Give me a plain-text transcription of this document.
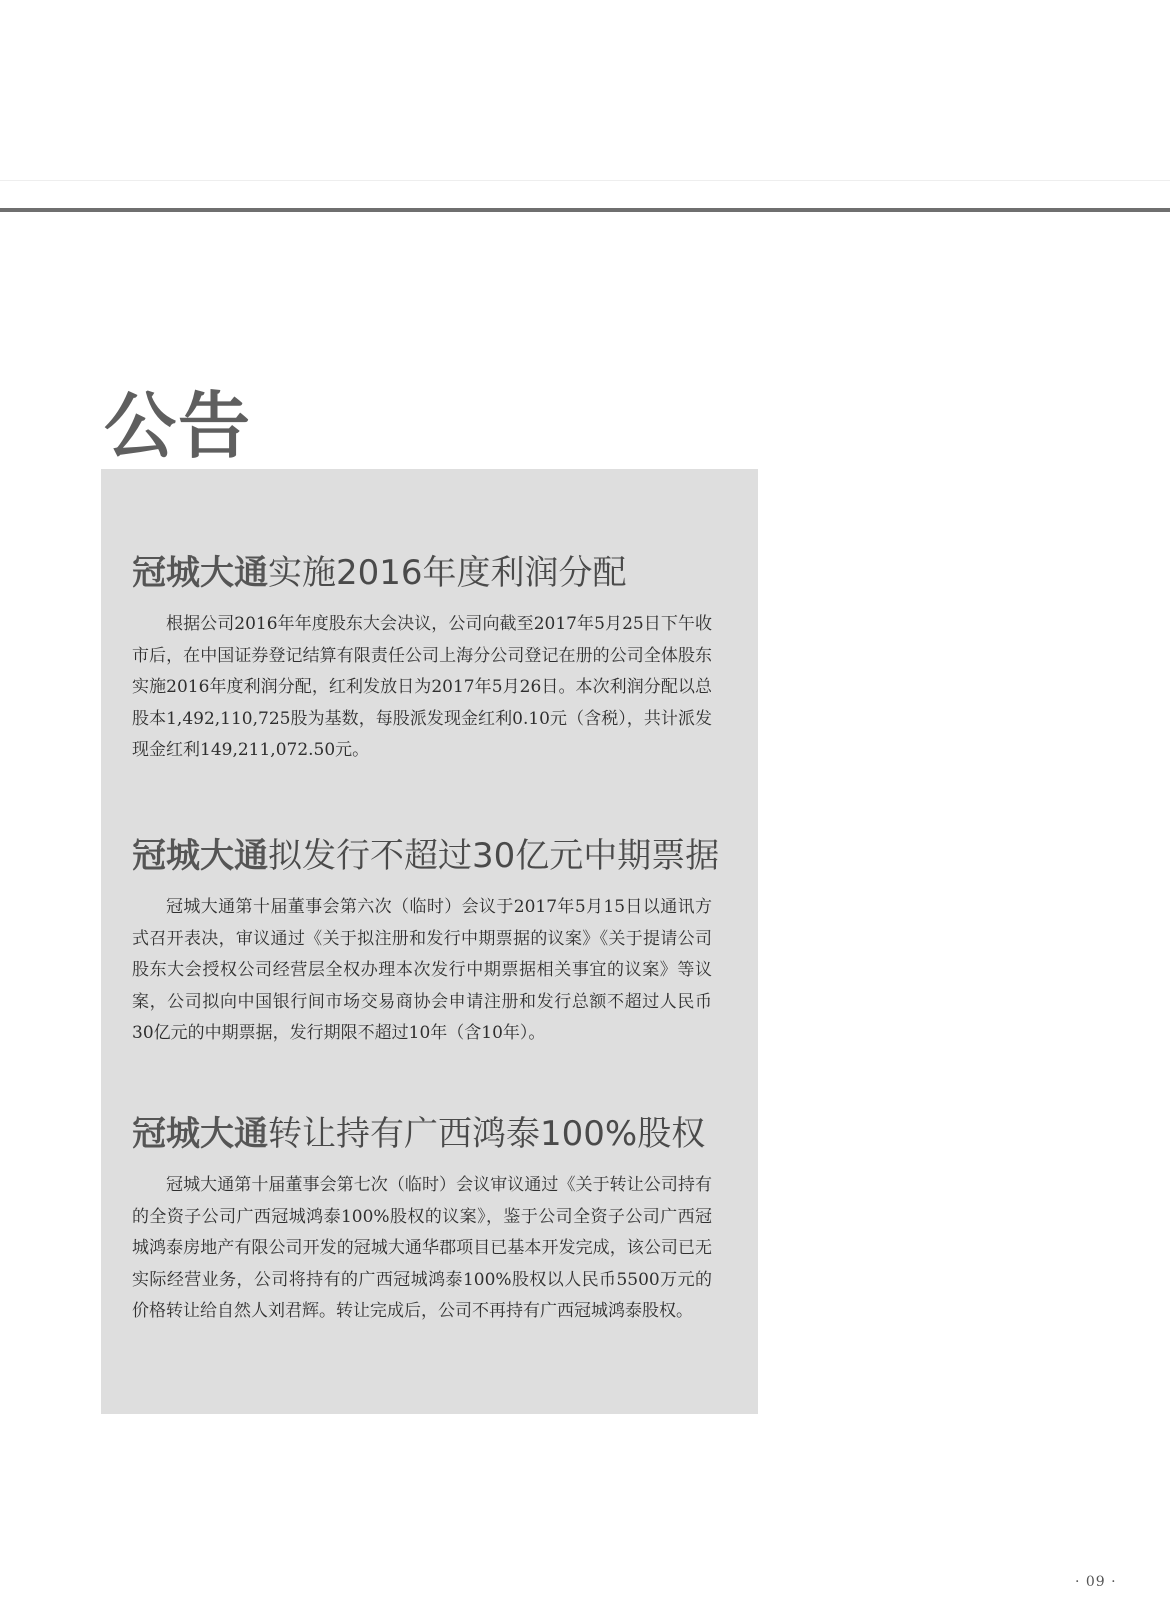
公告
冠城大通实施2016年度利润分配

根据公司2016年年度股东大会决议，公司向截至2017年5月25日下午收市后，在中国证券登记结算有限责任公司上海分公司登记在册的公司全体股东实施2016年度利润分配，红利发放日为2017年5月26日。本次利润分配以总股本1,492,110,725股为基数，每股派发现金红利0.10元（含税），共计派发现金红利149,211,072.50元。

冠城大通拟发行不超过30亿元中期票据

冠城大通第十届董事会第六次（临时）会议于2017年5月15日以通讯方式召开表决，审议通过《关于拟注册和发行中期票据的议案》《关于提请公司股东大会授权公司经营层全权办理本次发行中期票据相关事宜的议案》等议案，公司拟向中国银行间市场交易商协会申请注册和发行总额不超过人民币30亿元的中期票据，发行期限不超过10年（含10年）。

冠城大通转让持有广西鸿泰100%股权

冠城大通第十届董事会第七次（临时）会议审议通过《关于转让公司持有的全资子公司广西冠城鸿泰100%股权的议案》，鉴于公司全资子公司广西冠城鸿泰房地产有限公司开发的冠城大通华郡项目已基本开发完成，该公司已无实际经营业务，公司将持有的广西冠城鸿泰100%股权以人民币5500万元的价格转让给自然人刘君辉。转让完成后，公司不再持有广西冠城鸿泰股权。

· 09 ·
